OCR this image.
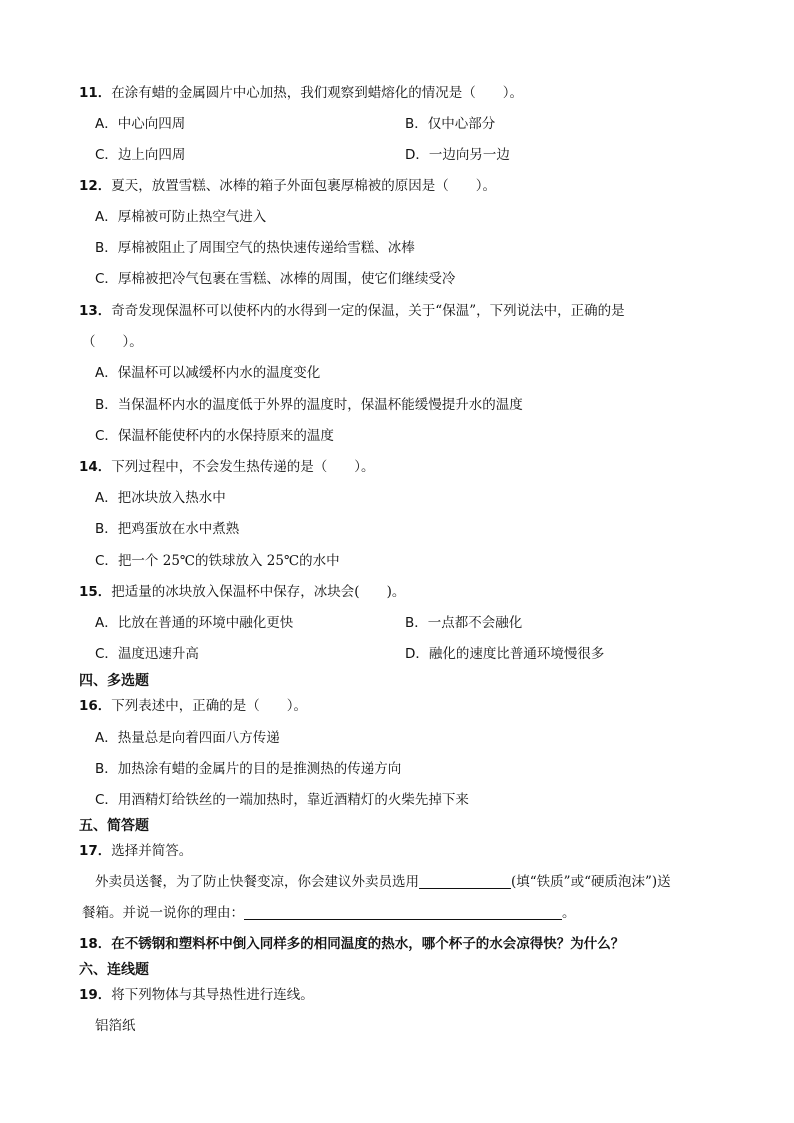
11．在涂有蜡的金属圆片中心加热，我们观察到蜡熔化的情况是（　　）。
A．中心向四周	B．仅中心部分
C．边上向四周	D．一边向另一边
12．夏天，放置雪糕、冰棒的箱子外面包裹厚棉被的原因是（　　）。
A．厚棉被可防止热空气进入
B．厚棉被阻止了周围空气的热快速传递给雪糕、冰棒
C．厚棉被把冷气包裹在雪糕、冰棒的周围，使它们继续受冷
13．奇奇发现保温杯可以使杯内的水得到一定的保温，关于“保温”，下列说法中，正确的是
（　　）。
A．保温杯可以减缓杯内水的温度变化
B．当保温杯内水的温度低于外界的温度时，保温杯能缓慢提升水的温度
C．保温杯能使杯内的水保持原来的温度
14．下列过程中，不会发生热传递的是（　　）。
A．把冰块放入热水中
B．把鸡蛋放在水中煮熟
C．把一个 25℃的铁球放入 25℃的水中
15．把适量的冰块放入保温杯中保存，冰块会(　　)。
A．比放在普通的环境中融化更快	B．一点都不会融化
C．温度迅速升高	D．融化的速度比普通环境慢很多
四、多选题
16．下列表述中，正确的是（　　）。
A．热量总是向着四面八方传递
B．加热涂有蜡的金属片的目的是推测热的传递方向
C．用酒精灯给铁丝的一端加热时，靠近酒精灯的火柴先掉下来
五、简答题
17．选择并简答。
外卖员送餐，为了防止快餐变凉，你会建议外卖员选用	(填“铁质”或“硬质泡沫”)送
餐箱。并说一说你的理由：	。
18．在不锈钢和塑料杯中倒入同样多的相同温度的热水，哪个杯子的水会凉得快？为什么？
六、连线题
19．将下列物体与其导热性进行连线。
铝箔纸
